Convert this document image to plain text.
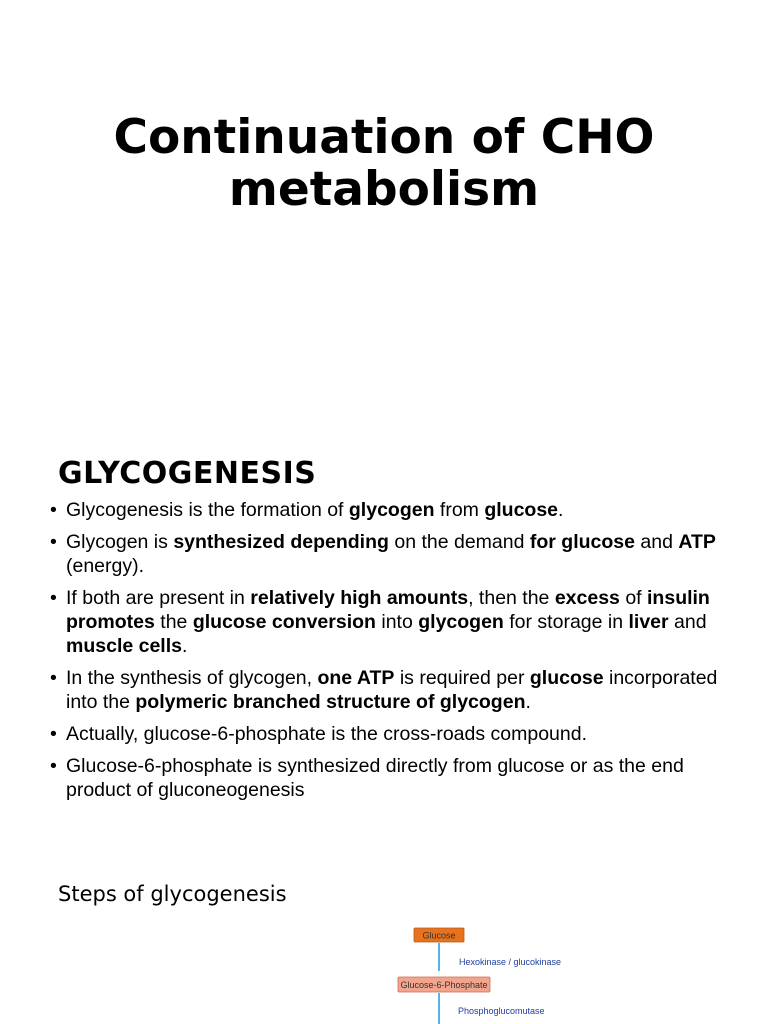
Continuation of CHO
metabolism
GLYCOGENESIS
• Glycogenesis is the formation of glycogen from glucose.
• Glycogen is synthesized depending on the demand for glucose and ATP (energy).
• If both are present in relatively high amounts, then the excess of insulin promotes the glucose conversion into glycogen for storage in liver and muscle cells.
• In the synthesis of glycogen, one ATP is required per glucose incorporated into the polymeric branched structure of glycogen.
• Actually, glucose-6-phosphate is the cross-roads compound.
• Glucose-6-phosphate is synthesized directly from glucose or as the end product of gluconeogenesis
Steps of glycogenesis
Glucose
Hexokinase / glucokinase
Glucose-6-Phosphate
Phosphoglucomutase
